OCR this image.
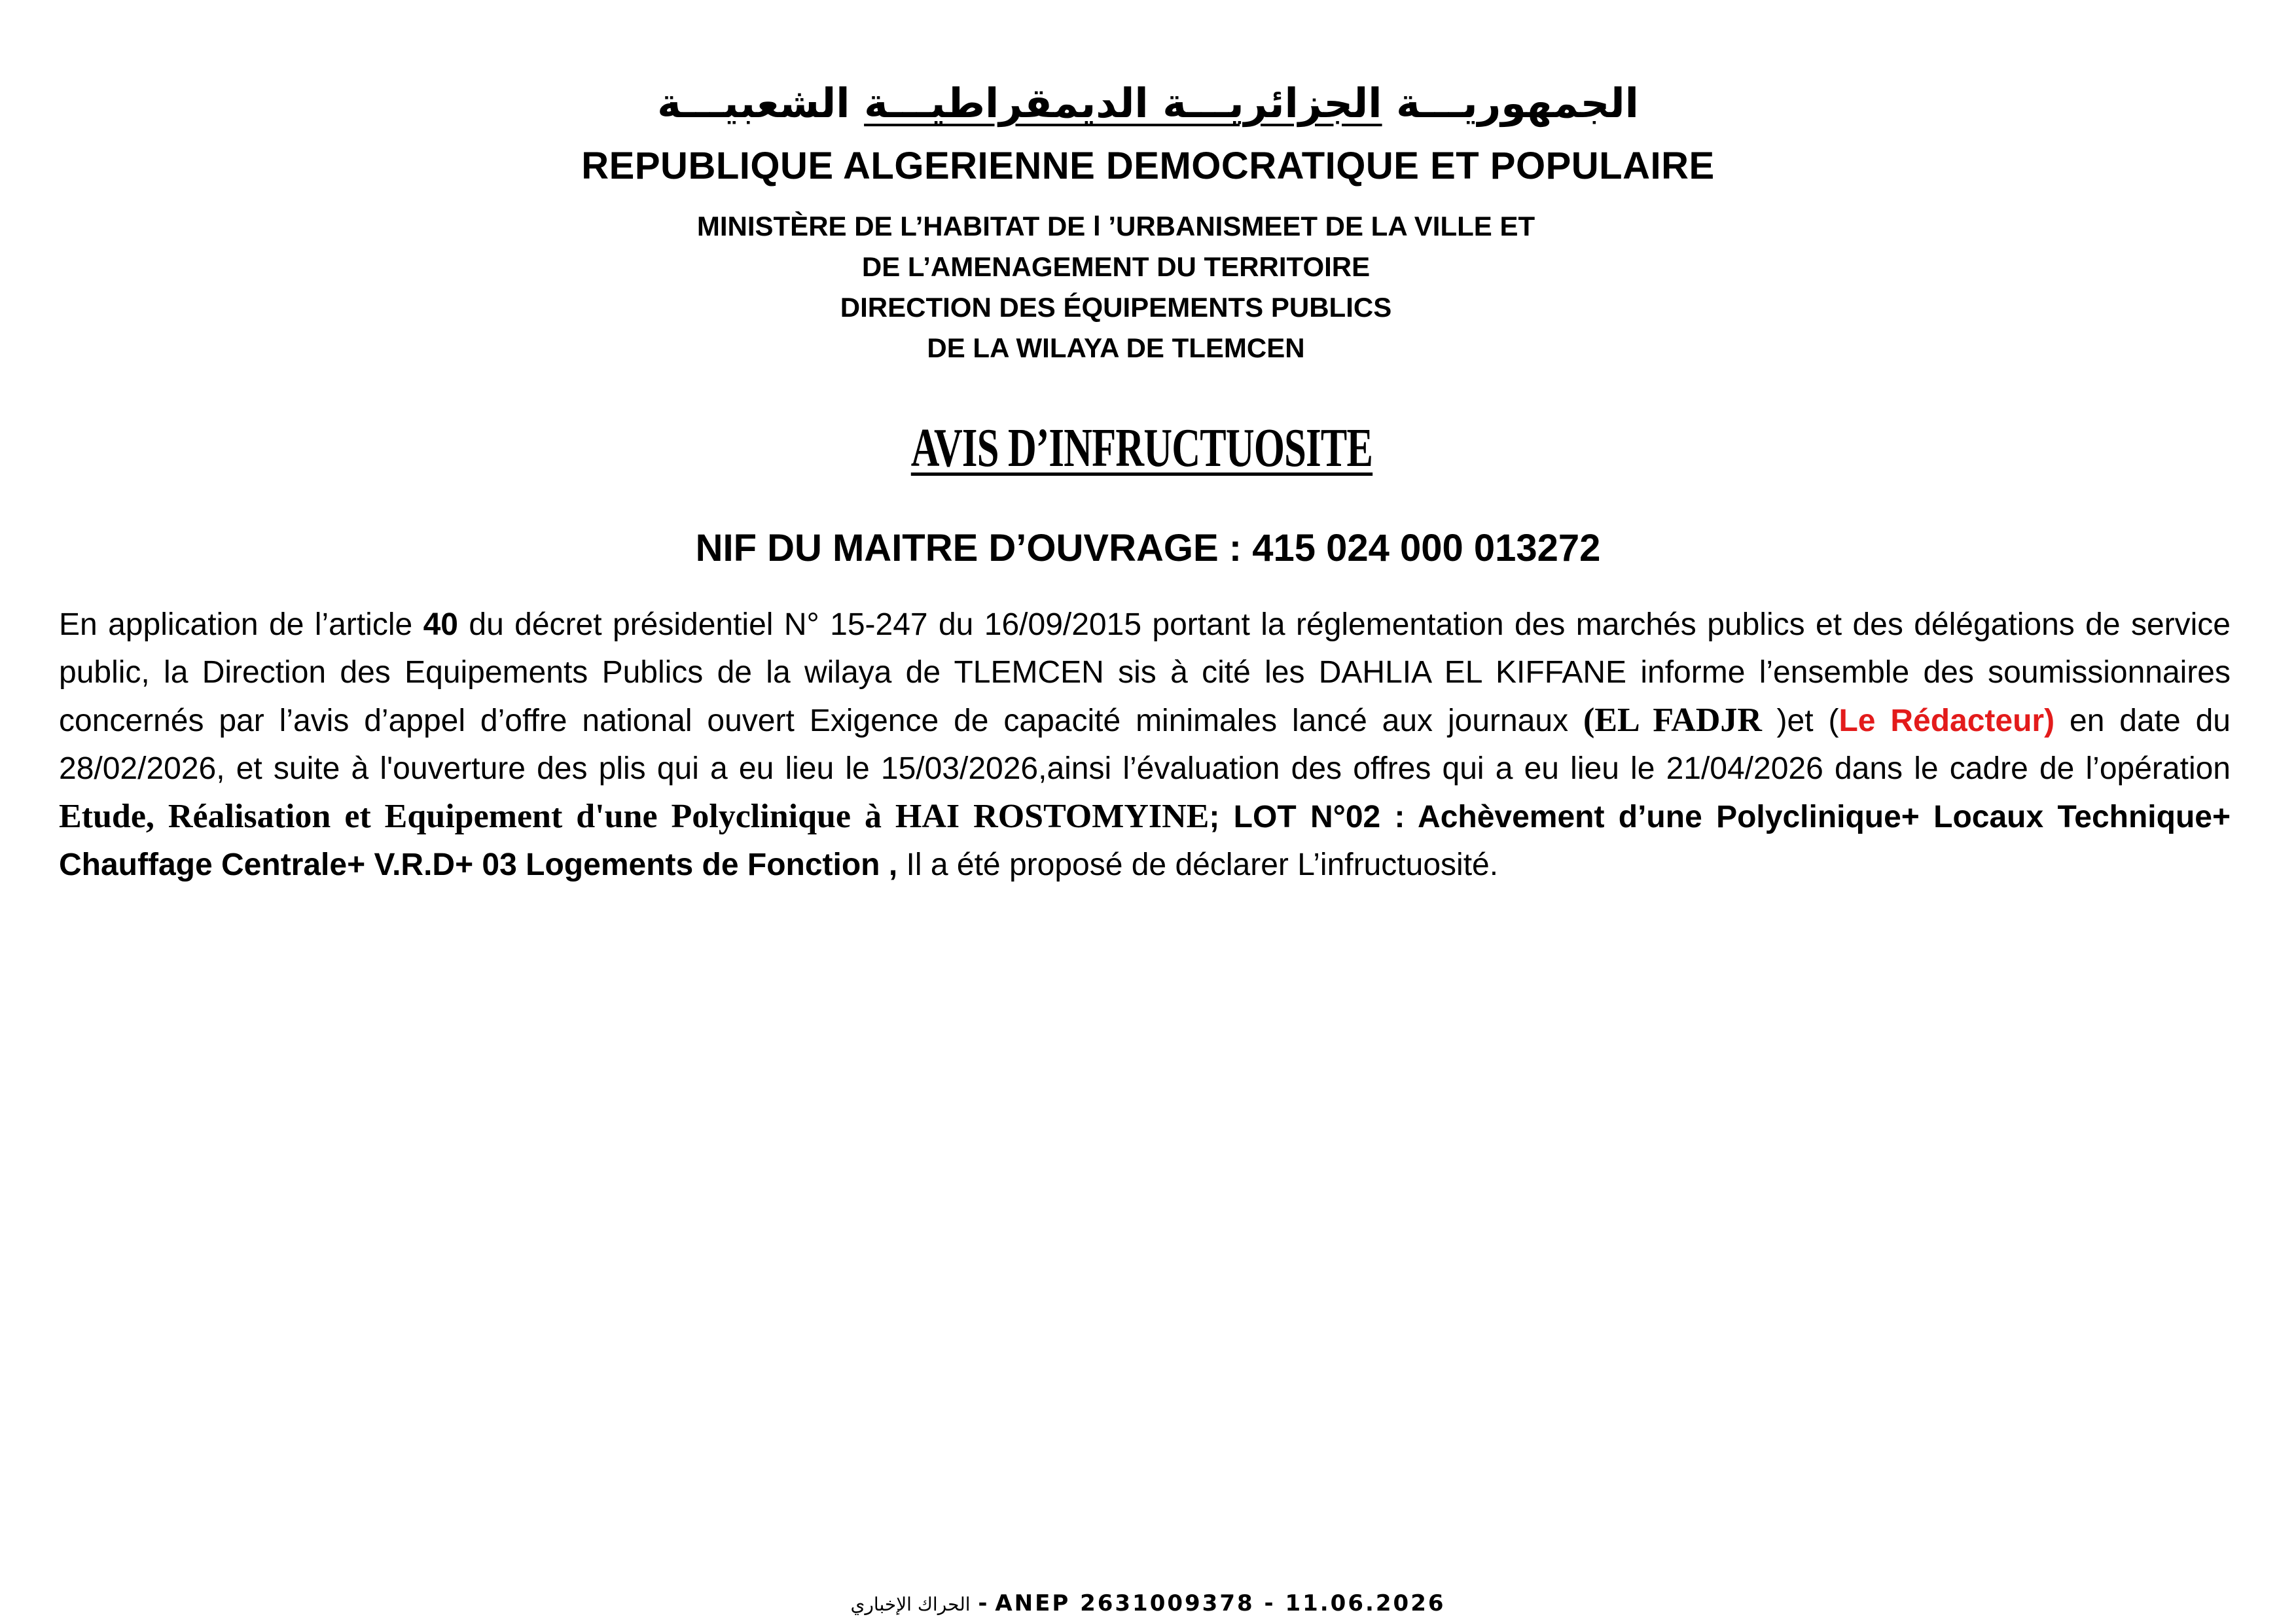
الجمهوريـــة الجزائريـــة الديمقراطيـــة الشعبيـــة
REPUBLIQUE ALGERIENNE DEMOCRATIQUE ET POPULAIRE
MINISTÈRE DE L’HABITAT DE l ’URBANISMEET DE LA VILLE ET
DE L’AMENAGEMENT DU TERRITOIRE
DIRECTION DES ÉQUIPEMENTS PUBLICS
DE LA WILAYA DE TLEMCEN
AVIS D’INFRUCTUOSITE
NIF DU MAITRE D’OUVRAGE : 415 024 000 013272
En application de l’article 40 du décret présidentiel N° 15-247 du 16/09/2015 portant la réglementation des marchés publics et des délégations de service public, la Direction des Equipements Publics de la wilaya de TLEMCEN sis à cité les DAHLIA EL KIFFANE informe l’ensemble des soumissionnaires concernés par l’avis d’appel d’offre national ouvert Exigence de capacité minimales lancé aux journaux (EL FADJR )et (Le Rédacteur) en date du 28/02/2026, et suite à l'ouverture des plis qui a eu lieu le 15/03/2026,ainsi l’évaluation des offres qui a eu lieu le 21/04/2026 dans le cadre de l’opération Etude, Réalisation et Equipement d'une Polyclinique à HAI ROSTOMYINE; LOT N°02 : Achèvement d’une Polyclinique+ Locaux Technique+ Chauffage Centrale+ V.R.D+ 03 Logements de Fonction , Il a été proposé de déclarer L’infructuosité.
الحراك الإخباري - ANEP 2631009378 - 11.06.2026
